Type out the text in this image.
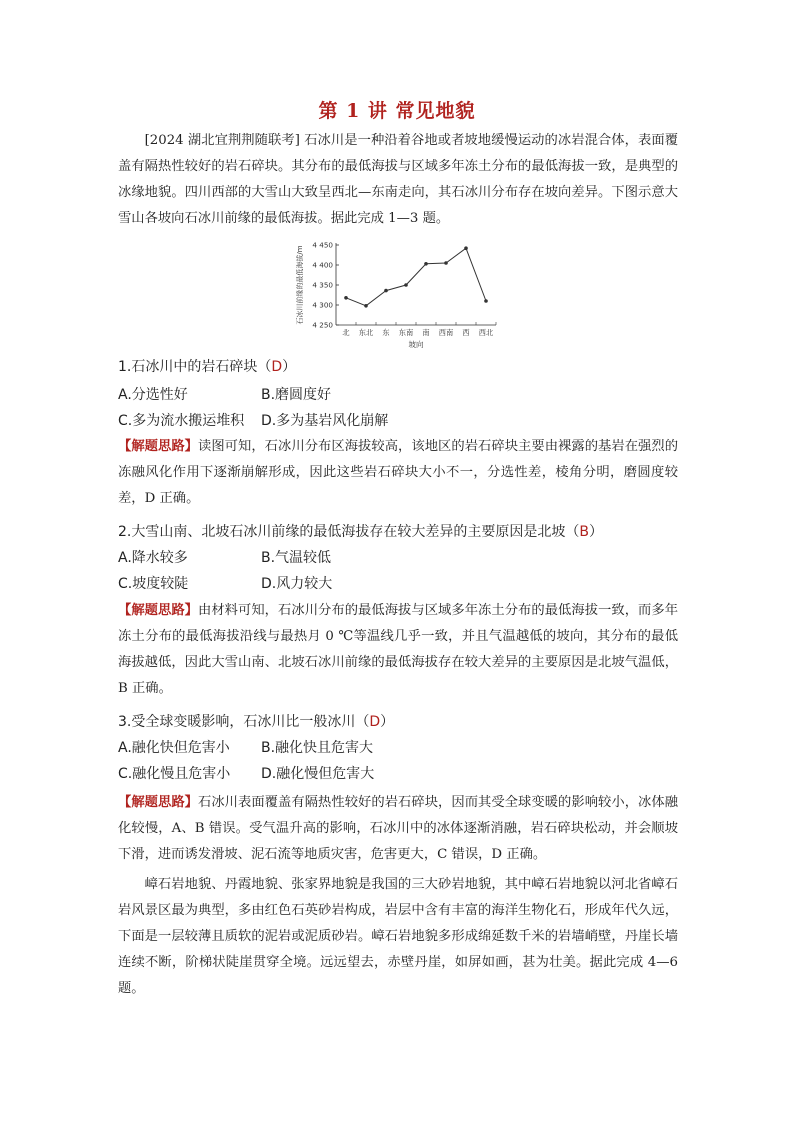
第 1 讲 常见地貌
[2024 湖北宜荆荆随联考] 石冰川是一种沿着谷地或者坡地缓慢运动的冰岩混合体，表面覆盖有隔热性较好的岩石碎块。其分布的最低海拔与区域多年冻土分布的最低海拔一致，是典型的冰缘地貌。四川西部的大雪山大致呈西北—东南走向，其石冰川分布存在坡向差异。下图示意大雪山各坡向石冰川前缘的最低海拔。据此完成 1—3 题。
4 250
4 300
4 350
4 400
4 450
北 东北 东 东南 南 西南 西 西北
坡向
石冰川前缘的最低海拔/m
1.石冰川中的岩石碎块（D）
A.分选性好	B.磨圆度好
C.多为流水搬运堆积 D.多为基岩风化崩解
【解题思路】读图可知，石冰川分布区海拔较高，该地区的岩石碎块主要由裸露的基岩在强烈的冻融风化作用下逐渐崩解形成，因此这些岩石碎块大小不一，分选性差，棱角分明，磨圆度较差，D 正确。
2.大雪山南、北坡石冰川前缘的最低海拔存在较大差异的主要原因是北坡（B）
A.降水较多	B.气温较低
C.坡度较陡	D.风力较大
【解题思路】由材料可知，石冰川分布的最低海拔与区域多年冻土分布的最低海拔一致，而多年冻土分布的最低海拔沿线与最热月 0 ℃等温线几乎一致，并且气温越低的坡向，其分布的最低海拔越低，因此大雪山南、北坡石冰川前缘的最低海拔存在较大差异的主要原因是北坡气温低，B 正确。
3.受全球变暖影响，石冰川比一般冰川（D）
A.融化快但危害小 B.融化快且危害大
C.融化慢且危害小 D.融化慢但危害大
【解题思路】石冰川表面覆盖有隔热性较好的岩石碎块，因而其受全球变暖的影响较小，冰体融化较慢，A、B 错误。受气温升高的影响，石冰川中的冰体逐渐消融，岩石碎块松动，并会顺坡下滑，进而诱发滑坡、泥石流等地质灾害，危害更大，C 错误，D 正确。
嶂石岩地貌、丹霞地貌、张家界地貌是我国的三大砂岩地貌，其中嶂石岩地貌以河北省嶂石岩风景区最为典型，多由红色石英砂岩构成，岩层中含有丰富的海洋生物化石，形成年代久远，下面是一层较薄且质软的泥岩或泥质砂岩。嶂石岩地貌多形成绵延数千米的岩墙峭壁，丹崖长墙连续不断，阶梯状陡崖贯穿全境。远远望去，赤壁丹崖，如屏如画，甚为壮美。据此完成 4—6 题。
